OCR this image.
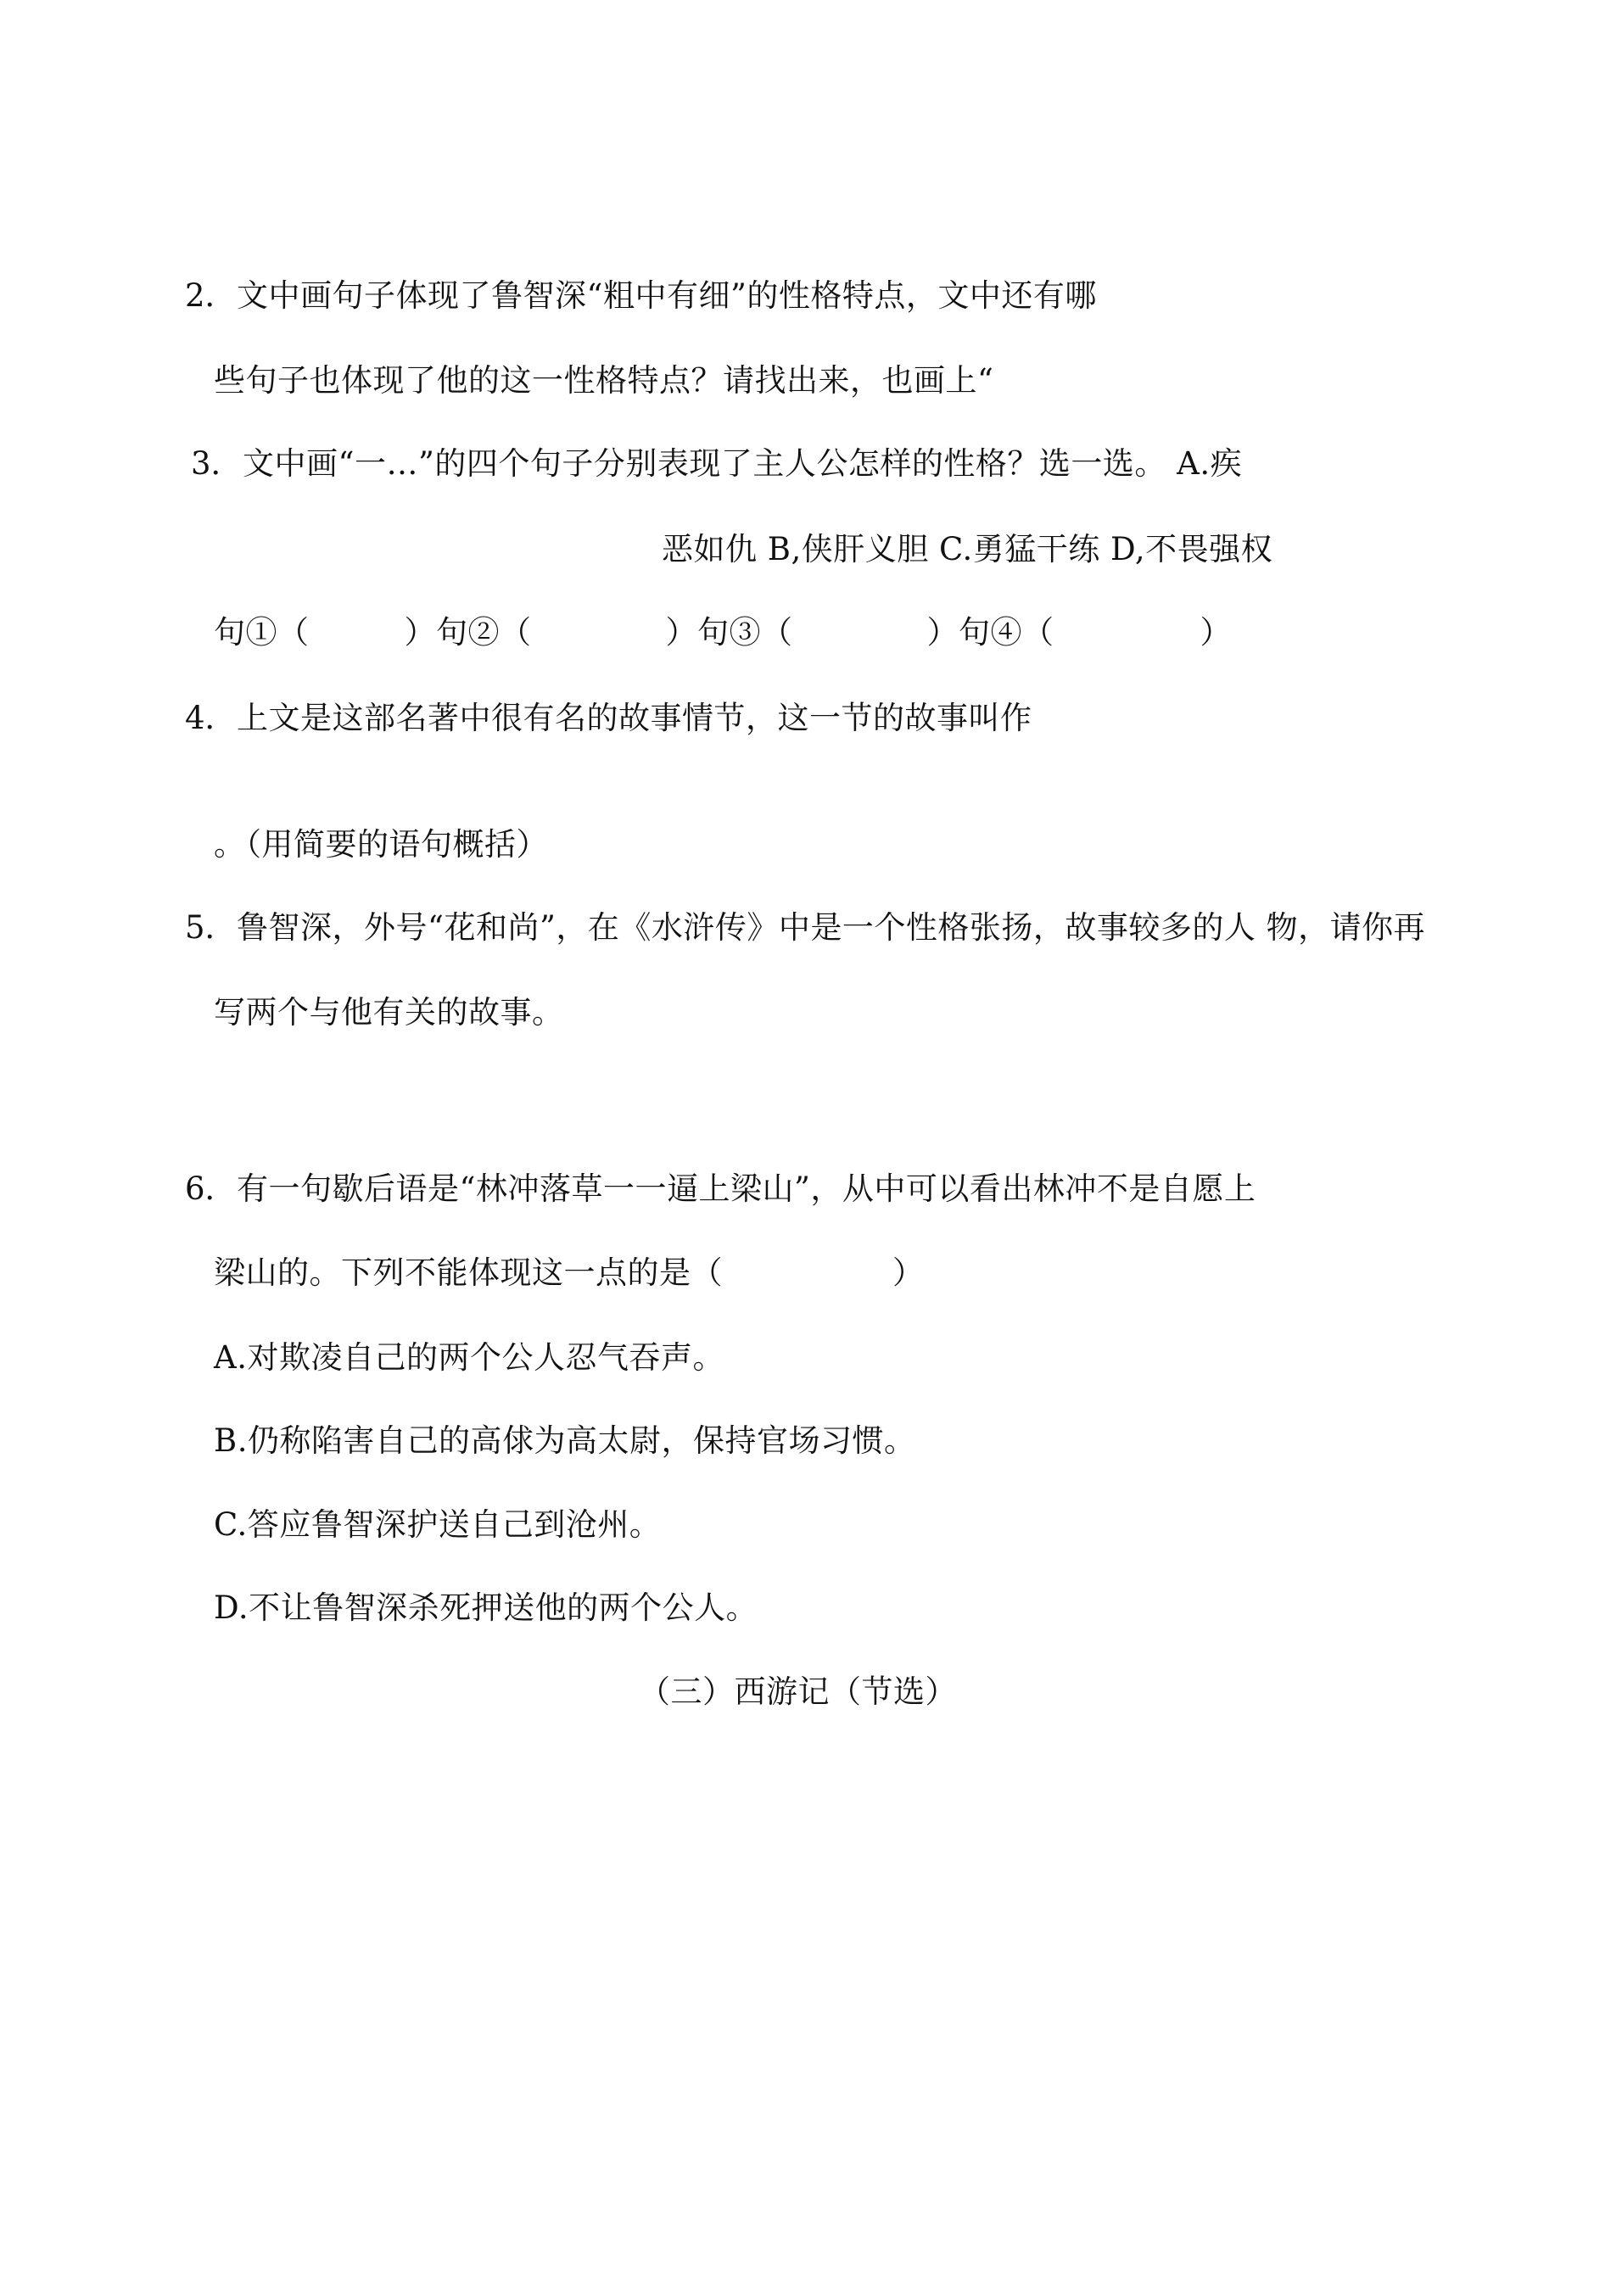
2．文中画句子体现了鲁智深“粗中有细”的性格特点，文中还有哪
些句子也体现了他的这一性格特点？请找出来，也画上“
3．文中画“一…”的四个句子分别表现了主人公怎样的性格？选一选。 A.疾
恶如仇 B,侠肝义胆 C.勇猛干练 D,不畏强权
句①（	）句②（	）句③（	）句④（	）
4．上文是这部名著中很有名的故事情节，这一节的故事叫作
。（用简要的语句概括）
5．鲁智深，外号“花和尚”，在《水浒传》中是一个性格张扬，故事较多的人 物，请你再
写两个与他有关的故事。
6．有一句歇后语是“林冲落草一一逼上梁山”，从中可以看出林冲不是自愿上
梁山的。下列不能体现这一点的是（	）
A.对欺凌自己的两个公人忍气吞声。
B.仍称陷害自己的高俅为高太尉，保持官场习惯。
C.答应鲁智深护送自己到沧州。
D.不让鲁智深杀死押送他的两个公人。
（三）西游记（节选）
